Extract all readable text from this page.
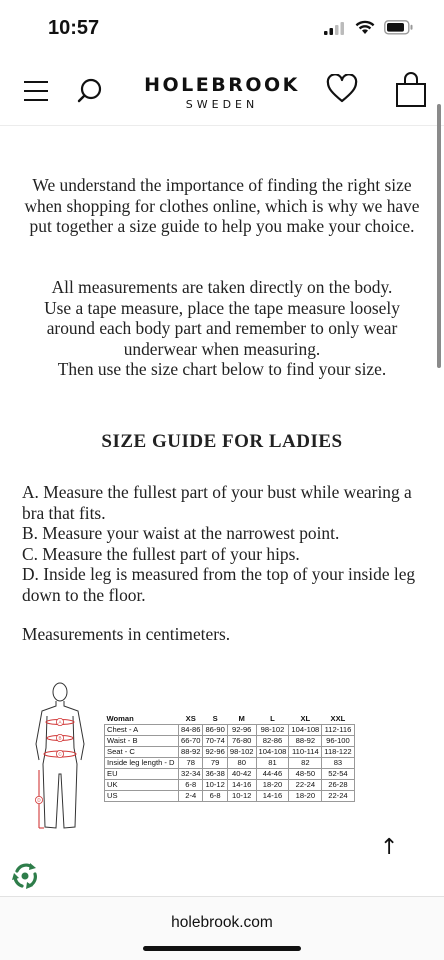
10:57
HOLEBROOK
SWEDEN

We understand the importance of finding the right size when shopping for clothes online, which is why we have put together a size guide to help you make your choice.

All measurements are taken directly on the body.
Use a tape measure, place the tape measure loosely around each body part and remember to only wear underwear when measuring.
Then use the size chart below to find your size.
SIZE GUIDE FOR LADIES
A. Measure the fullest part of your bust while wearing a bra that fits.
B. Measure your waist at the narrowest point.
C. Measure the fullest part of your hips.
D. Inside leg is measured from the top of your inside leg down to the floor.
Measurements in centimeters.
A
B
C
D
Woman	XS	S	M	L	XL	XXL
Chest - A	84-86	86-90	92-96	98-102	104-108	112-116
Waist - B	66-70	70-74	76-80	82-86	88-92	96-100
Seat - C	88-92	92-96	98-102	104-108	110-114	118-122
Inside leg length - D	78	79	80	81	82	83
EU	32-34	36-38	40-42	44-46	48-50	52-54
UK	6-8	10-12	14-16	18-20	22-24	26-28
US	2-4	6-8	10-12	14-16	18-20	22-24
↑
holebrook.com
